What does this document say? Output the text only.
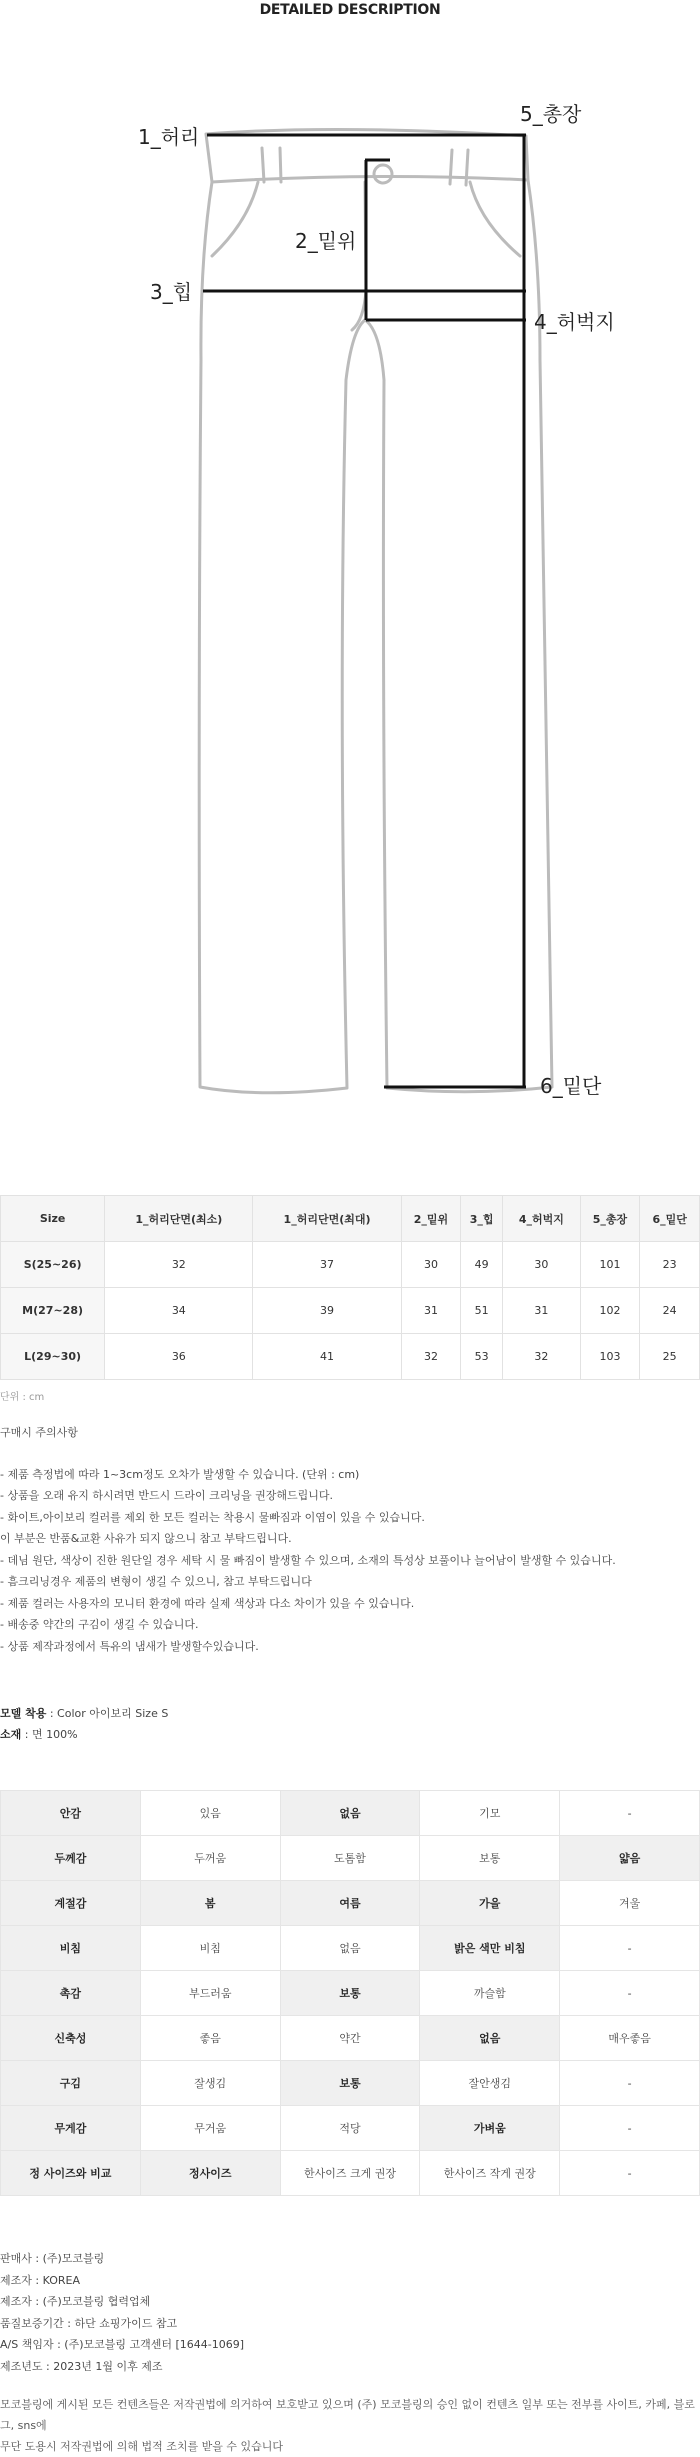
DETAILED DESCRIPTION
1_허리
2_밑위
3_힙
4_허벅지
5_총장
6_밑단
Size	1_허리단면(최소)	1_허리단면(최대)	2_밑위	3_힙	4_허벅지	5_총장	6_밑단
S(25~26)	32	37	30	49	30	101	23
M(27~28)	34	39	31	51	31	102	24
L(29~30)	36	41	32	53	32	103	25
단위 : cm
구매시 주의사항
- 제품 측정법에 따라 1~3cm정도 오차가 발생할 수 있습니다. (단위 : cm)
- 상품을 오래 유지 하시려면 반드시 드라이 크리닝을 권장해드립니다.
- 화이트,아이보리 컬러를 제외 한 모든 컬러는 착용시 물빠짐과 이염이 있을 수 있습니다.
이 부분은 반품&교환 사유가 되지 않으니 참고 부탁드립니다.
- 데님 원단, 색상이 진한 원단일 경우 세탁 시 물 빠짐이 발생할 수 있으며, 소재의 특성상 보풀이나 늘어남이 발생할 수 있습니다.
- 흠크리닝경우 제품의 변형이 생길 수 있으니, 참고 부탁드립니다
- 제품 컬러는 사용자의 모니터 환경에 따라 실제 색상과 다소 차이가 있을 수 있습니다.
- 배송중 약간의 구김이 생길 수 있습니다.
- 상품 제작과정에서 특유의 냄새가 발생할수있습니다.
모델 착용 : Color 아이보리 Size S
소재 : 면 100%
안감	있음	없음	기모	-
두께감	두꺼움	도톰함	보통	얇음
계절감	봄	여름	가을	겨울
비침	비침	없음	밝은 색만 비침	-
촉감	부드러움	보통	까슬함	-
신축성	좋음	약간	없음	매우좋음
구김	잘생김	보통	잘안생김	-
무게감	무거움	적당	가벼움	-
정 사이즈와 비교	정사이즈	한사이즈 크게 권장	한사이즈 작게 권장	-
판매사 : (주)모코블링
제조자 : KOREA
제조자 : (주)모코블링 협력업체
품질보증기간 : 하단 쇼핑가이드 참고
A/S 책임자 : (주)모코블링 고객센터 [1644-1069]
제조년도 : 2023년 1월 이후 제조
모코블링에 게시된 모든 컨텐츠들은 저작권법에 의거하여 보호받고 있으며 (주) 모코블링의 승인 없이 컨텐츠 일부 또는 전부를 사이트, 카페, 블로그, sns에
무단 도용시 저작권법에 의해 법적 조치를 받을 수 있습니다
